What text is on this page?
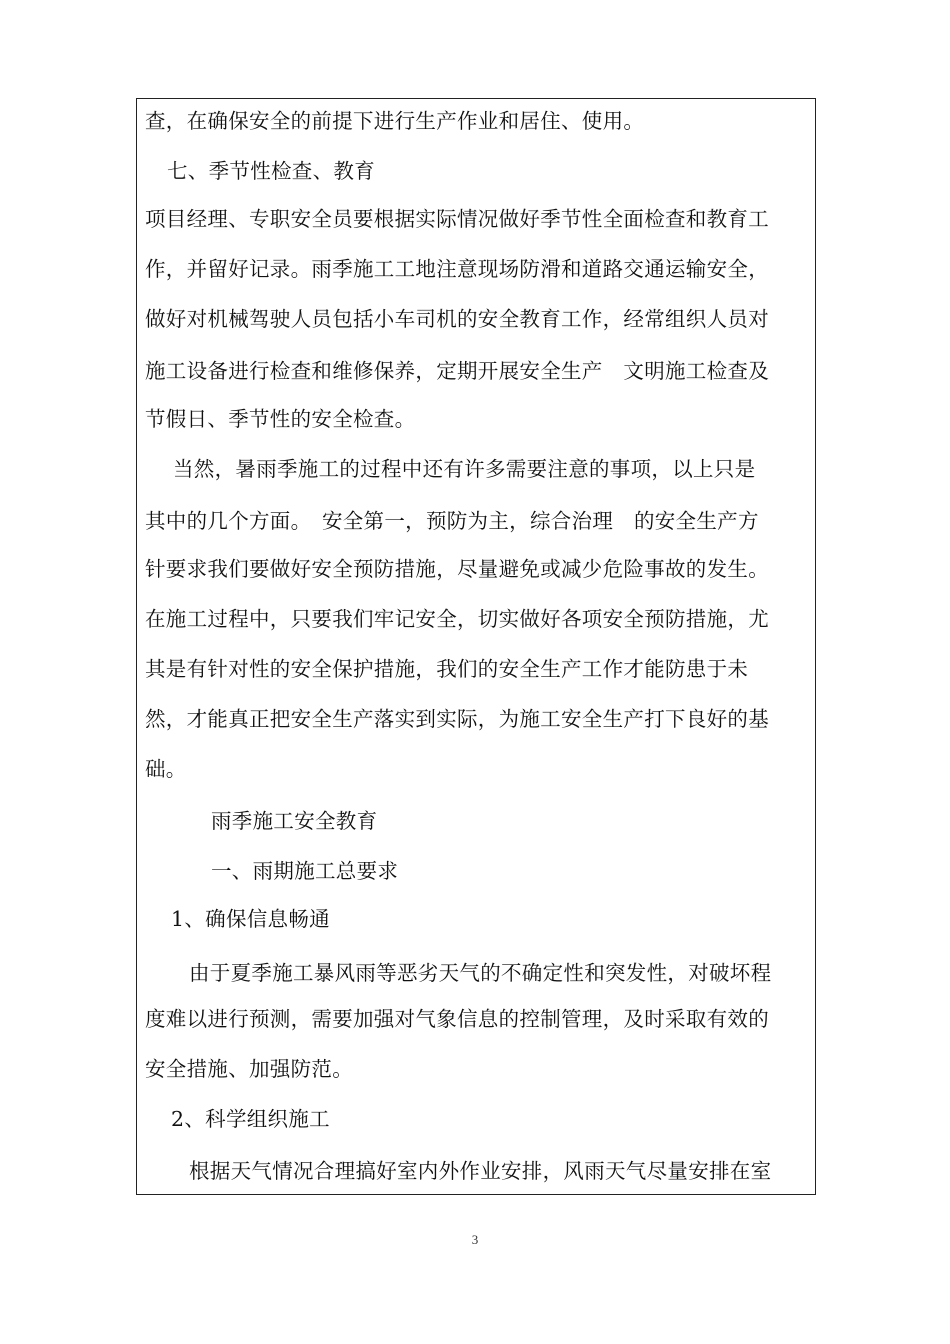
查，在确保安全的前提下进行生产作业和居住、使用。
七、季节性检查、教育
项目经理、专职安全员要根据实际情况做好季节性全面检查和教育工
作，并留好记录。雨季施工工地注意现场防滑和道路交通运输安全，
做好对机械驾驶人员包括小车司机的安全教育工作，经常组织人员对
施工设备进行检查和维修保养，定期开展安全生产　文明施工检查及
节假日、季节性的安全检查。
当然，暑雨季施工的过程中还有许多需要注意的事项，以上只是
其中的几个方面。　安全第一，预防为主，综合治理　的安全生产方
针要求我们要做好安全预防措施，尽量避免或减少危险事故的发生。
在施工过程中，只要我们牢记安全，切实做好各项安全预防措施，尤
其是有针对性的安全保护措施，我们的安全生产工作才能防患于未
然，才能真正把安全生产落实到实际，为施工安全生产打下良好的基
础。
雨季施工安全教育
一、雨期施工总要求
1、确保信息畅通
由于夏季施工暴风雨等恶劣天气的不确定性和突发性，对破坏程
度难以进行预测，需要加强对气象信息的控制管理，及时采取有效的
安全措施、加强防范。
2、科学组织施工
根据天气情况合理搞好室内外作业安排，风雨天气尽量安排在室
3
